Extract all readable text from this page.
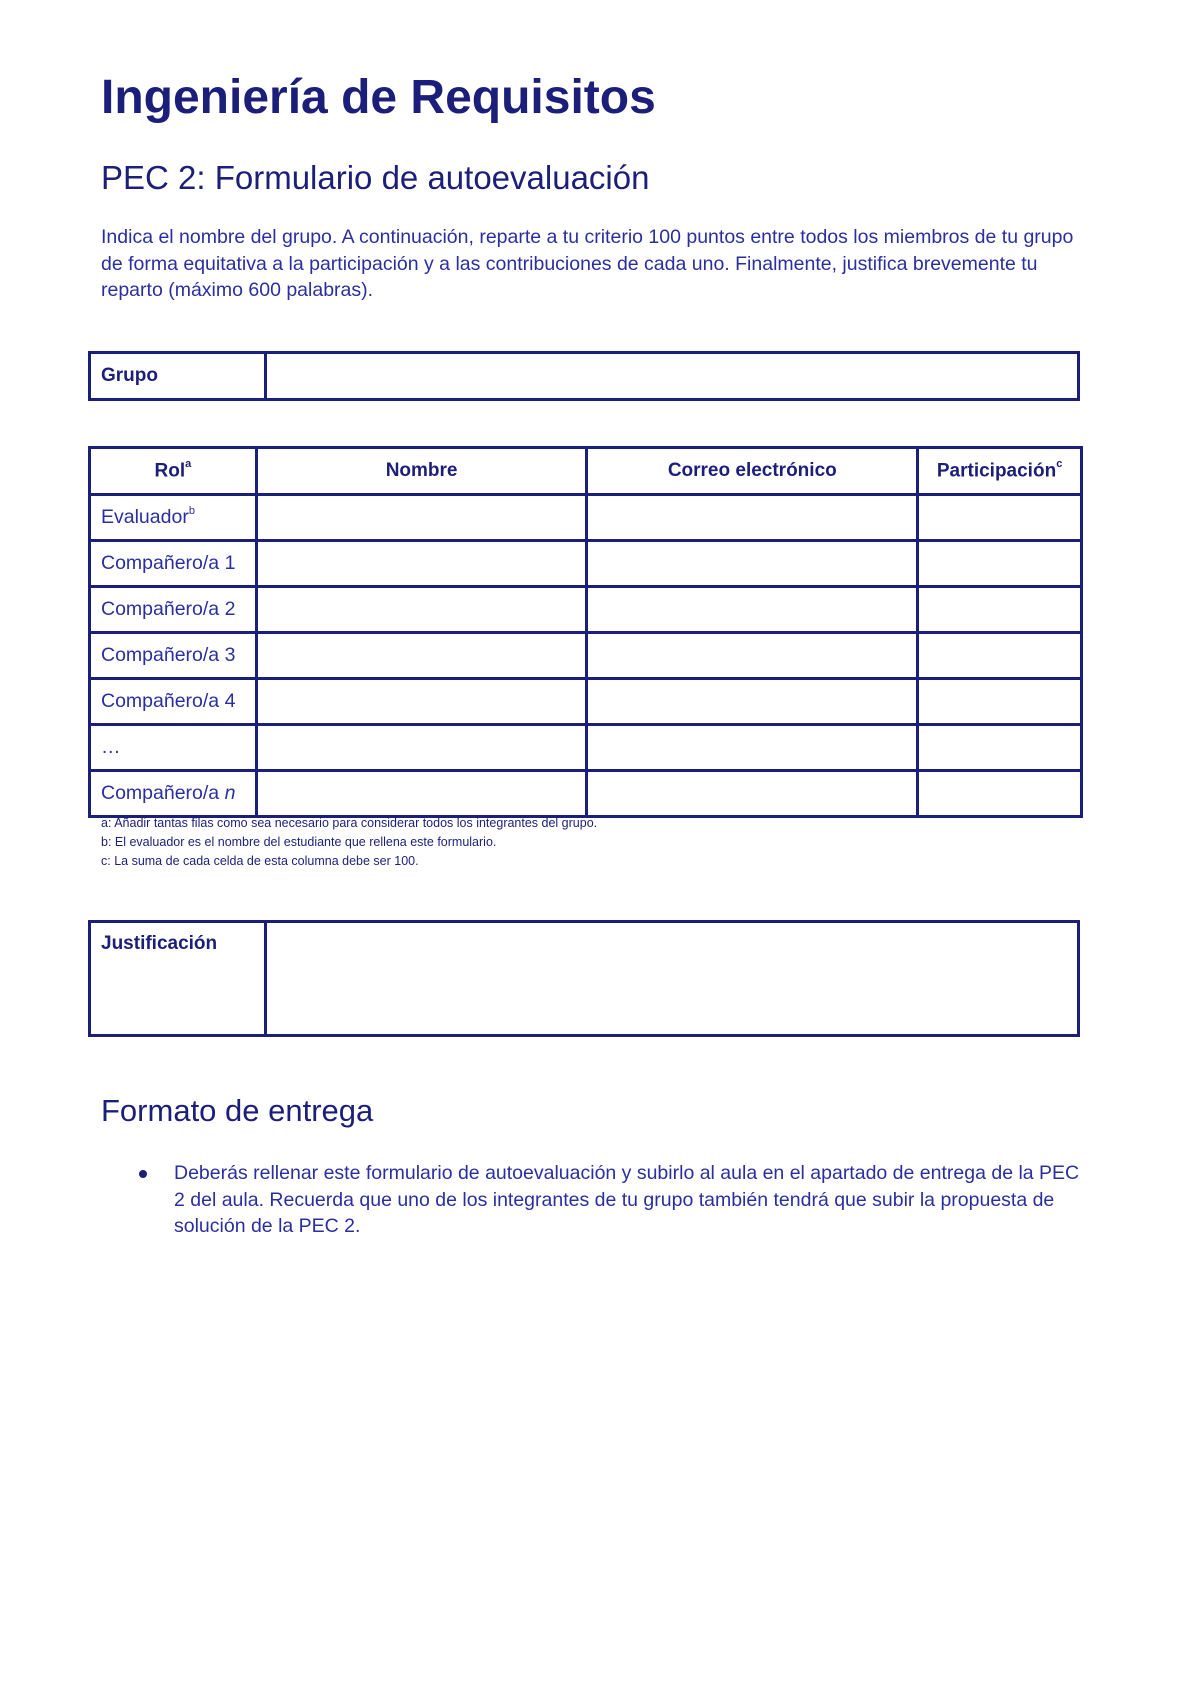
Ingeniería de Requisitos
PEC 2: Formulario de autoevaluación
Indica el nombre del grupo. A continuación, reparte a tu criterio 100 puntos entre todos los miembros de tu grupo de forma equitativa a la participación y a las contribuciones de cada uno. Finalmente, justifica brevemente tu reparto (máximo 600 palabras).
Grupo	
Rol$^a$	Nombre	Correo electrónico	Participación$^c$
Evaluador$^b$			
Compañero/a 1			
Compañero/a 2			
Compañero/a 3			
Compañero/a 4			
…			
Compañero/a n			
a: Añadir tantas filas como sea necesario para considerar todos los integrantes del grupo.
b: El evaluador es el nombre del estudiante que rellena este formulario.
c: La suma de cada celda de esta columna debe ser 100.
Justificación	
Formato de entrega
Deberás rellenar este formulario de autoevaluación y subirlo al aula en el apartado de entrega de la PEC 2 del aula. Recuerda que uno de los integrantes de tu grupo también tendrá que subir la propuesta de solución de la PEC 2.
